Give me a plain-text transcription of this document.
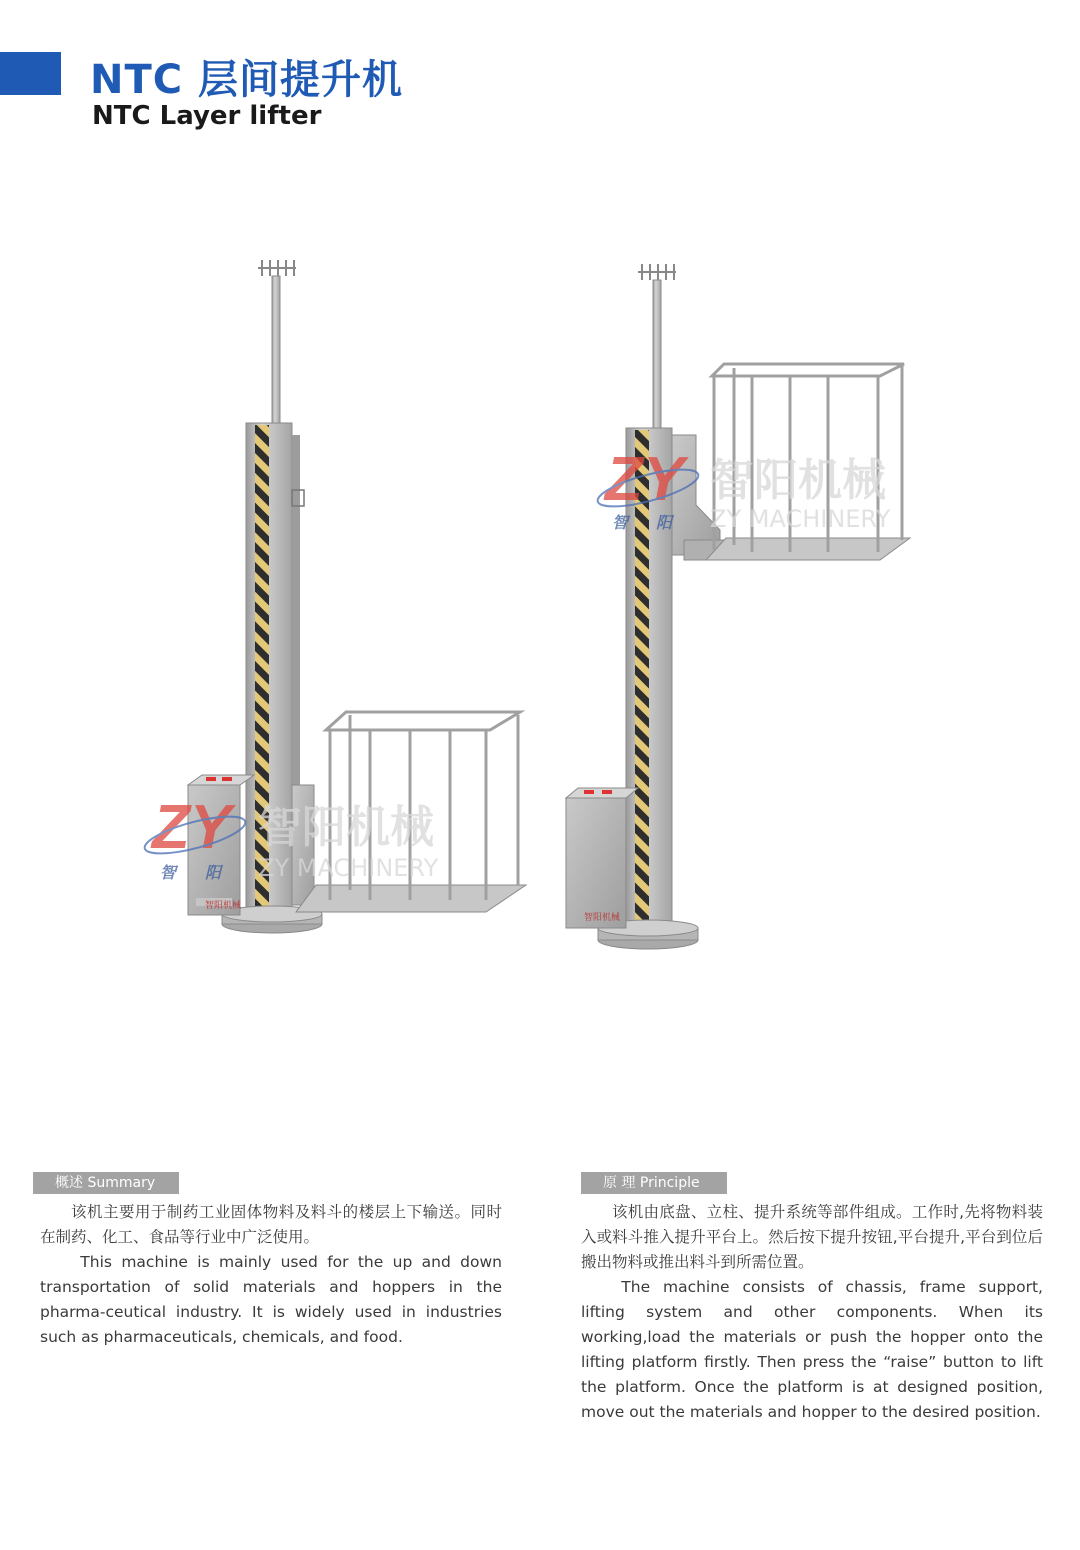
NTC 层间提升机
NTC Layer lifter
ZY 智阳机械
ZY MACHINERY
智 阳
ZY 智阳机械
ZY MACHINERY
智 阳
智阳机械
智阳机械
概述 Summary

该机主要用于制药工业固体物料及料斗的楼层上下输送。同时在制药、化工、食品等行业中广泛使用。

This machine is mainly used for the up and down transportation of solid materials and hoppers in the pharma-ceutical industry. It is widely used in industries such as pharmaceuticals, chemicals, and food.

原 理 Principle

该机由底盘、立柱、提升系统等部件组成。工作时,先将物料装入或料斗推入提升平台上。然后按下提升按钮,平台提升,平台到位后搬出物料或推出料斗到所需位置。

The machine consists of chassis, frame support, lifting system and other components. When its working,load the materials or push the hopper onto the lifting platform firstly. Then press the “raise” button to lift the platform. Once the platform is at designed position, move out the materials and hopper to the desired position.
